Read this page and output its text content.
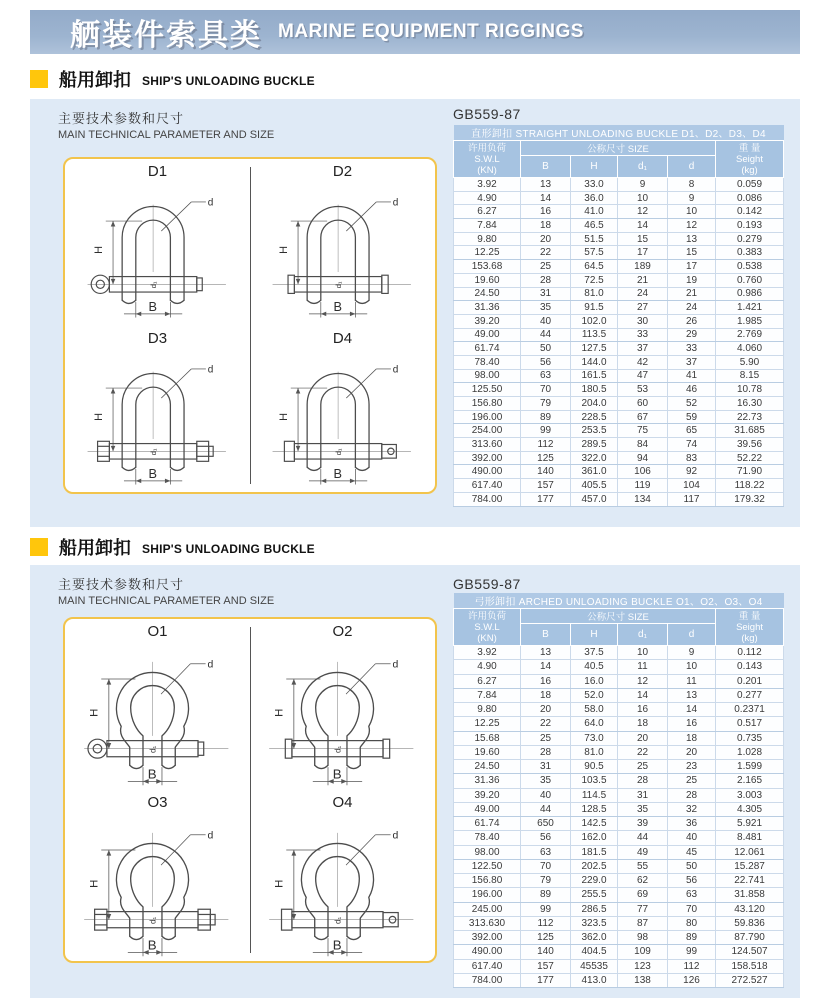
舾装件索具类 MARINE EQUIPMENT RIGGINGS
船用卸扣 SHIP'S UNLOADING BUCKLE
主要技术参数和尺寸
MAIN TECHNICAL PARAMETER AND SIZE
GB559-87
D1
H
B
d
d₁
D2
H
B
d
d₁
D3
H
B
d
d₁
D4
H
B
d
d₁
直形卸扣 STRAIGHT UNLOADING BUCKLE D1、D2、D3、D4					

许用负荷
S.W.L
(KN)
	公称尺寸 SIZE	重 量
Seight
(kg)

	B	H	d₁	d	
3.92	13	33.0	9	8	0.059
4.90	14	36.0	10	9	0.086
6.27	16	41.0	12	10	0.142
7.84	18	46.5	14	12	0.193
9.80	20	51.5	15	13	0.279
12.25	22	57.5	17	15	0.383
153.68	25	64.5	189	17	0.538
19.60	28	72.5	21	19	0.760
24.50	31	81.0	24	21	0.986
31.36	35	91.5	27	24	1.421
39.20	40	102.0	30	26	1.985
49.00	44	113.5	33	29	2.769
61.74	50	127.5	37	33	4.060
78.40	56	144.0	42	37	5.90
98.00	63	161.5	47	41	8.15
125.50	70	180.5	53	46	10.78
156.80	79	204.0	60	52	16.30
196.00	89	228.5	67	59	22.73
254.00	99	253.5	75	65	31.685
313.60	112	289.5	84	74	39.56
392.00	125	322.0	94	83	52.22
490.00	140	361.0	106	92	71.90
617.40	157	405.5	119	104	118.22
784.00	177	457.0	134	117	179.32
船用卸扣 SHIP'S UNLOADING BUCKLE
主要技术参数和尺寸
MAIN TECHNICAL PARAMETER AND SIZE
GB559-87
O1
H
B
d
d₁
O2
H
B
d
d₁
O3
H
B
d
d₁
O4
H
B
d
d₁
弓形卸扣 ARCHED UNLOADING BUCKLE O1、O2、O3、O4					

许用负荷
S.W.L
(KN)
	公称尺寸 SIZE	重 量
Seight
(kg)

	B	H	d₁	d	
3.92	13	37.5	10	9	0.112
4.90	14	40.5	11	10	0.143
6.27	16	16.0	12	11	0.201
7.84	18	52.0	14	13	0.277
9.80	20	58.0	16	14	0.2371
12.25	22	64.0	18	16	0.517
15.68	25	73.0	20	18	0.735
19.60	28	81.0	22	20	1.028
24.50	31	90.5	25	23	1.599
31.36	35	103.5	28	25	2.165
39.20	40	114.5	31	28	3.003
49.00	44	128.5	35	32	4.305
61.74	650	142.5	39	36	5.921
78.40	56	162.0	44	40	8.481
98.00	63	181.5	49	45	12.061
122.50	70	202.5	55	50	15.287
156.80	79	229.0	62	56	22.741
196.00	89	255.5	69	63	31.858
245.00	99	286.5	77	70	43.120
313.630	112	323.5	87	80	59.836
392.00	125	362.0	98	89	87.790
490.00	140	404.5	109	99	124.507
617.40	157	45535	123	112	158.518
784.00	177	413.0	138	126	272.527
